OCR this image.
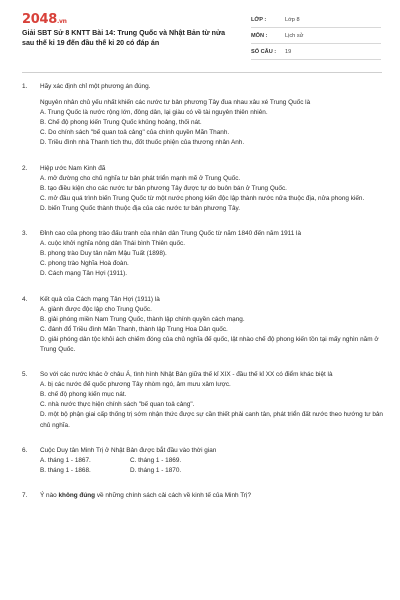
2048.vn
Giải SBT Sử 8 KNTT Bài 14: Trung Quốc và Nhật Bản từ nửa sau thế kỉ 19 đến đầu thế kỉ 20 có đáp án
LỚP :	Lớp 8
MÔN :	Lịch sử
SỐ CÂU :	19
1.	Hãy xác định chỉ một phương án đúng.
Nguyên nhân chủ yếu nhất khiến các nước tư bản phương Tây đua nhau xâu xé Trung Quốc là
A. Trung Quốc là nước rộng lớn, đông dân, lại giàu có về tài nguyên thiên nhiên.
B. Chế độ phong kiến Trung Quốc khủng hoảng, thối nát.
C. Do chính sách "bế quan toả cảng" của chính quyền Mãn Thanh.
D. Triều đình nhà Thanh tích thu, đốt thuốc phiện của thương nhân Anh.
2.	Hiệp ước Nam Kinh đã
A. mở đường cho chủ nghĩa tư bản phát triển mạnh mẽ ở Trung Quốc.
B. tạo điều kiện cho các nước tư bản phương Tây được tự do buôn bán ở Trung Quốc.
C. mở đầu quá trình biến Trung Quốc từ một nước phong kiến độc lập thành nước nửa thuộc địa, nửa phong kiến.
D. biến Trung Quốc thành thuộc địa của các nước tư bản phương Tây.
3.	Đỉnh cao của phong trào đấu tranh của nhân dân Trung Quốc từ năm 1840 đến năm 1911 là
A. cuộc khởi nghĩa nông dân Thái bình Thiên quốc.
B. phong trào Duy tân năm Mậu Tuất (1898).
C. phong trào Nghĩa Hoà đoàn.
D. Cách mạng Tân Hợi (1911).
4.	Kết quả của Cách mạng Tân Hợi (1911) là
A. giành được độc lập cho Trung Quốc.
B. giải phóng miền Nam Trung Quốc, thành lập chính quyền cách mạng.
C. đánh đổ Triều đình Mãn Thanh, thành lập Trung Hoa Dân quốc.
D. giải phóng dân tộc khỏi ách chiếm đóng của chủ nghĩa đế quốc, lật nhào chế độ phong kiến tồn tại mấy nghìn năm ở Trung Quốc.
5.	So với các nước khác ở châu Á, tình hình Nhật Bản giữa thế kỉ XIX - đầu thế kỉ XX có điểm khác biệt là
A. bị các nước đế quốc phương Tây nhòm ngó, âm mưu xâm lược.
B. chế độ phong kiến mục nát.
C. nhà nước thực hiện chính sách "bế quan toả cảng".
D. một bộ phận giai cấp thống trị sớm nhận thức được sự cần thiết phải canh tân, phát triển đất nước theo hướng tư bản chủ nghĩa.
6.	Cuộc Duy tân Minh Trị ở Nhật Bản được bắt đầu vào thời gian
A. tháng 1 - 1867.	C. tháng 1 - 1869.
B. tháng 1 - 1868.	D. tháng 1 - 1870.
7.	Ý nào không đúng về những chính sách cải cách về kinh tế của Minh Trị?
